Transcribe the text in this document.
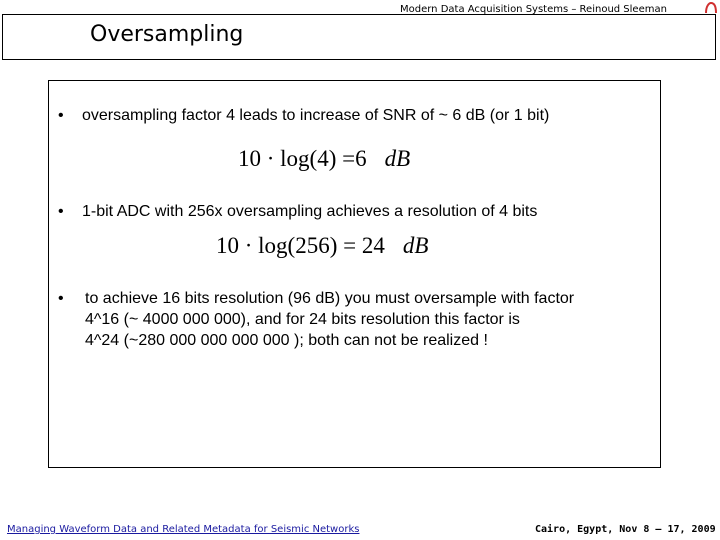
Modern Data Acquisition Systems – Reinoud Sleeman
Oversampling
• oversampling factor 4 leads to increase of SNR of ~ 6 dB (or 1 bit)
10 · log(4) =6 dB
• 1-bit ADC with 256x oversampling achieves a resolution of 4 bits
10 · log(256) = 24 dB
• to achieve 16 bits resolution (96 dB) you must oversample with factor
4^16 (~ 4000 000 000), and for 24 bits resolution this factor is
4^24 (~280 000 000 000 000 ); both can not be realized !
Managing Waveform Data and Related Metadata for Seismic Networks	Cairo, Egypt, Nov 8 – 17, 2009
